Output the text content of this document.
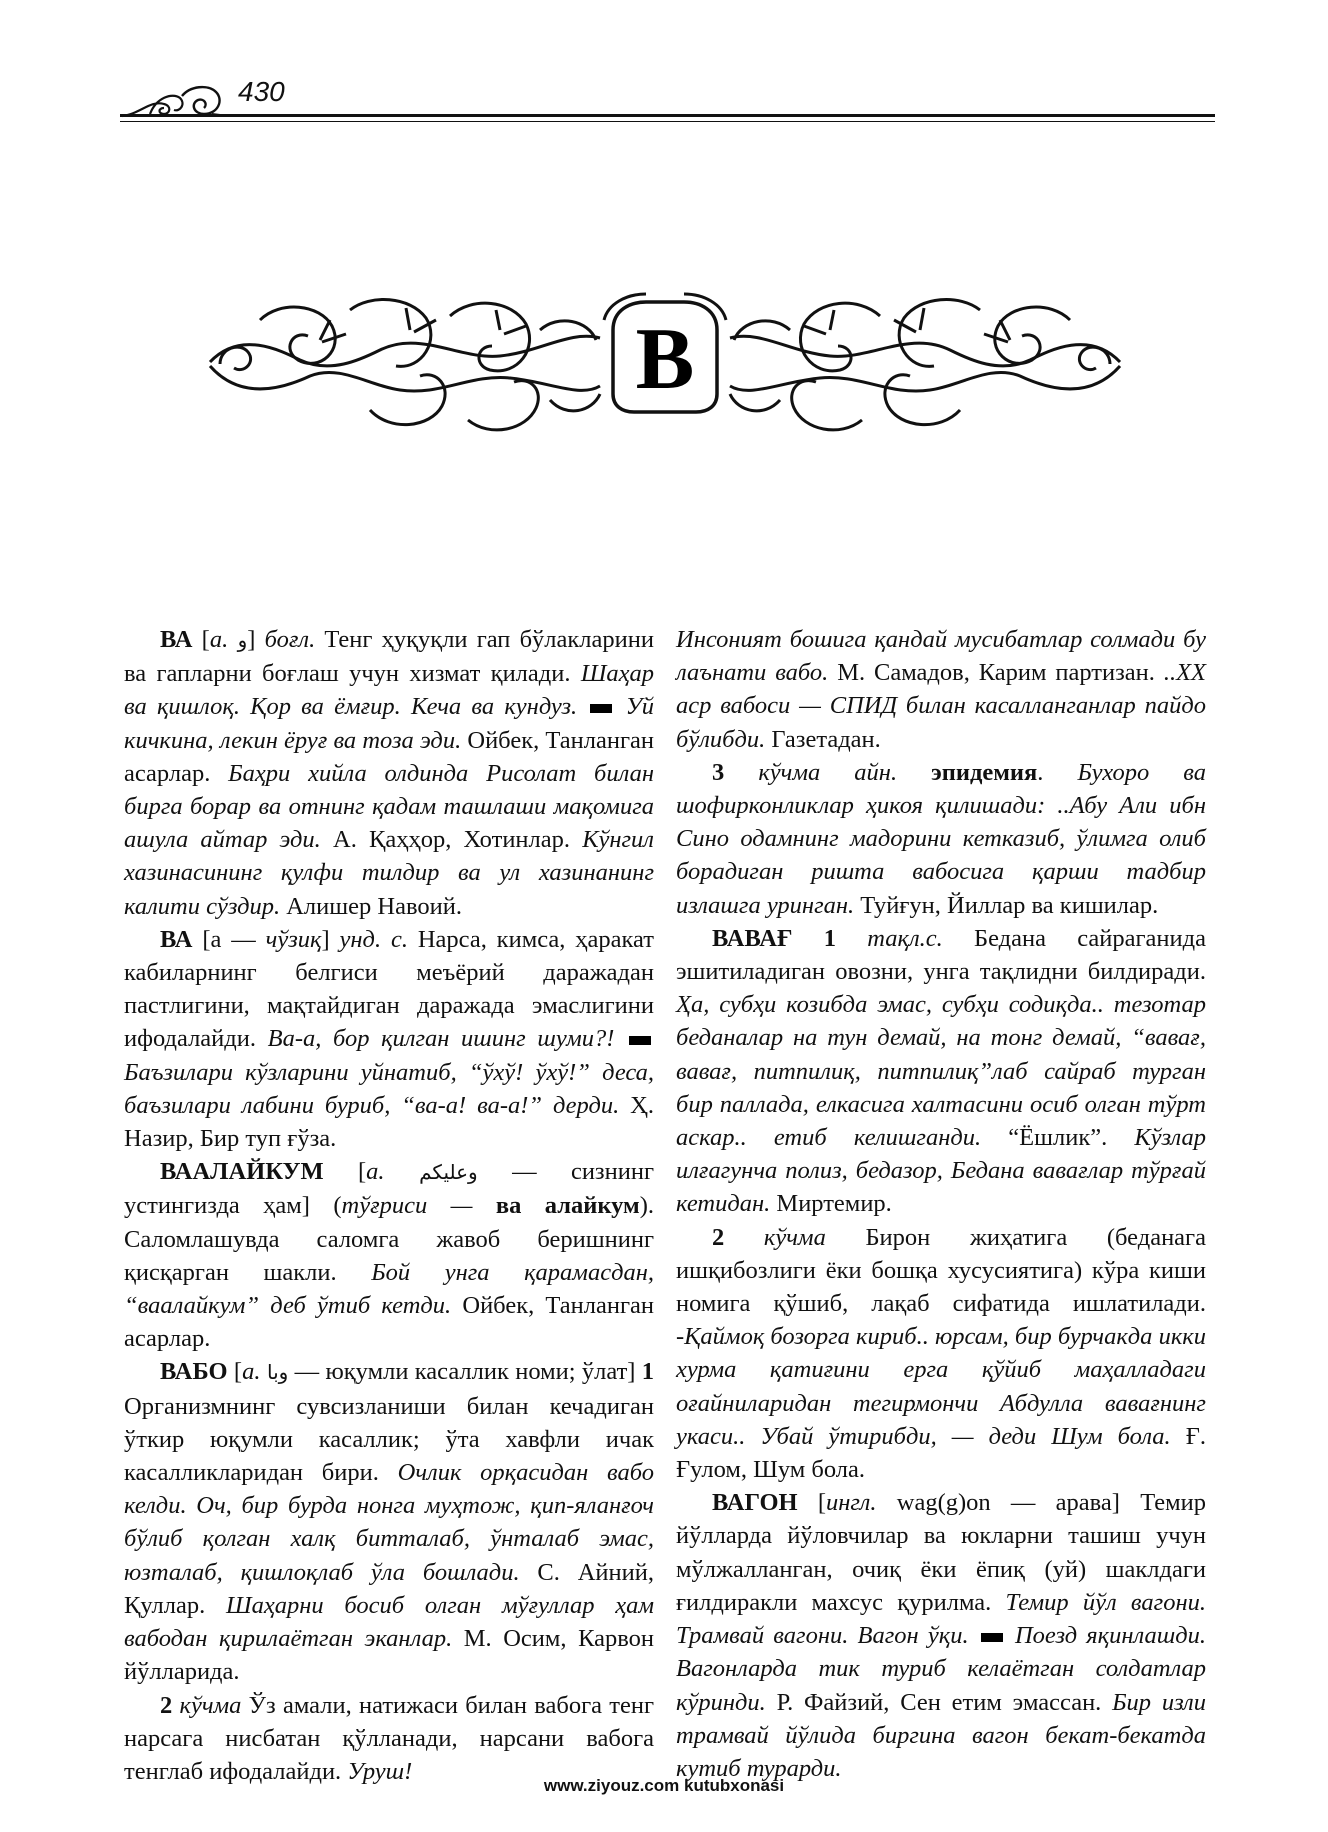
430
В

ВА [а. و] боғл. Тенг ҳуқуқли гап бўлакларини ва гапларни боғлаш учун хизмат қилади. Шаҳар ва қишлоқ. Қор ва ёмғир. Кеча ва кундуз.  Уй кичкина, лекин ёруғ ва тоза эди. Ойбек, Танланган асарлар. Баҳри хийла олдинда Рисолат билан бирга борар ва отнинг қадам ташлаши мақомига ашула айтар эди. А. Қаҳҳор, Хотинлар. Кўнгил хазинасининг қулфи тилдир ва ул хазинанинг калити сўздир. Алишер Навоий.

ВА [а — чўзиқ] унд. с. Нарса, кимса, ҳаракат кабиларнинг белгиси меъёрий даражадан пастлигини, мақтайдиган даражада эмаслигини ифодалайди. Ва-а, бор қилган ишинг шуми?!  Баъзилари кўзларини уйнатиб, “ўхў! ўхў!” деса, баъзилари лабини буриб, “ва-а! ва-а!” дерди. Ҳ. Назир, Бир туп ғўза.

ВААЛАЙКУМ [а. وعليكم — сизнинг устингизда ҳам] (тўғриси — ва алайкум). Саломлашувда саломга жавоб беришнинг қисқарган шакли. Бой унга қарамасдан, “ваалайкум” деб ўтиб кетди. Ойбек, Танланган асарлар.

ВАБО [а. وبا — юқумли касаллик номи; ўлат] 1 Организмнинг сувсизланиши билан кечадиган ўткир юқумли касаллик; ўта хавфли ичак касалликларидан бири. Очлик орқасидан вабо келди. Оч, бир бурда нонга муҳтож, қип-яланғоч бўлиб қолган халқ битталаб, ўнталаб эмас, юзталаб, қишлоқлаб ўла бошлади. С. Айний, Қуллар. Шаҳарни босиб олган мўғуллар ҳам вабодан қирилаётган эканлар. М. Осим, Карвон йўлларида.

2 кўчма Ўз амали, натижаси билан вабога тенг нарсага нисбатан қўлланади, нарсани вабога тенглаб ифодалайди. Уруш!

Инсоният бошига қандай мусибатлар солмади бу лаънати вабо. М. Самадов, Карим партизан. ..XX аср вабоси — СПИД билан касалланганлар пайдо бўлибди. Газетадан.

3 кўчма айн. эпидемия. Бухоро ва шофирконликлар ҳикоя қилишади: ..Абу Али ибн Сино одамнинг мадорини кетказиб, ўлимга олиб борадиган ришта вабосига қарши тадбир излашга уринган. Туйғун, Йиллар ва кишилар.

ВАВАҒ 1 тақл.с. Бедана сайраганида эшитиладиган овозни, унга тақлидни билдиради. Ҳа, субҳи козибда эмас, субҳи содиқда.. тезотар беданалар на тун демай, на тонг демай, “вавағ, вавағ, питпилиқ, питпилиқ”лаб сайраб турган бир паллада, елкасига халтасини осиб олган тўрт аскар.. етиб келишганди. “Ёшлик”. Кўзлар илғагунча полиз, бедазор, Бедана вавағлар тўрғай кетидан. Миртемир.

2 кўчма Бирон жиҳатига (беданага ишқибозлиги ёки бошқа хусусиятига) кўра киши номига қўшиб, лақаб сифатида ишлатилади. -Қаймоқ бозорга кириб.. юрсам, бир бурчакда икки хурма қатиғини ерга қўйиб маҳалладаги оғайниларидан тегирмончи Абдулла вавағнинг укаси.. Убай ўтирибди, — деди Шум бола. Ғ. Ғулом, Шум бола.

ВАГОН [ингл. wag(g)on — арава] Темир йўлларда йўловчилар ва юкларни ташиш учун мўлжалланган, очиқ ёки ёпиқ (уй) шаклдаги ғилдиракли махсус қурилма. Темир йўл вагони. Трамвай вагони. Вагон ўқи.  Поезд яқинлашди. Вагонларда тик туриб келаётган солдатлар кўринди. Р. Файзий, Сен етим эмассан. Бир изли трамвай йўлида биргина вагон бекат-бекатда кутиб турарди.

www.ziyouz.com kutubxonasi
